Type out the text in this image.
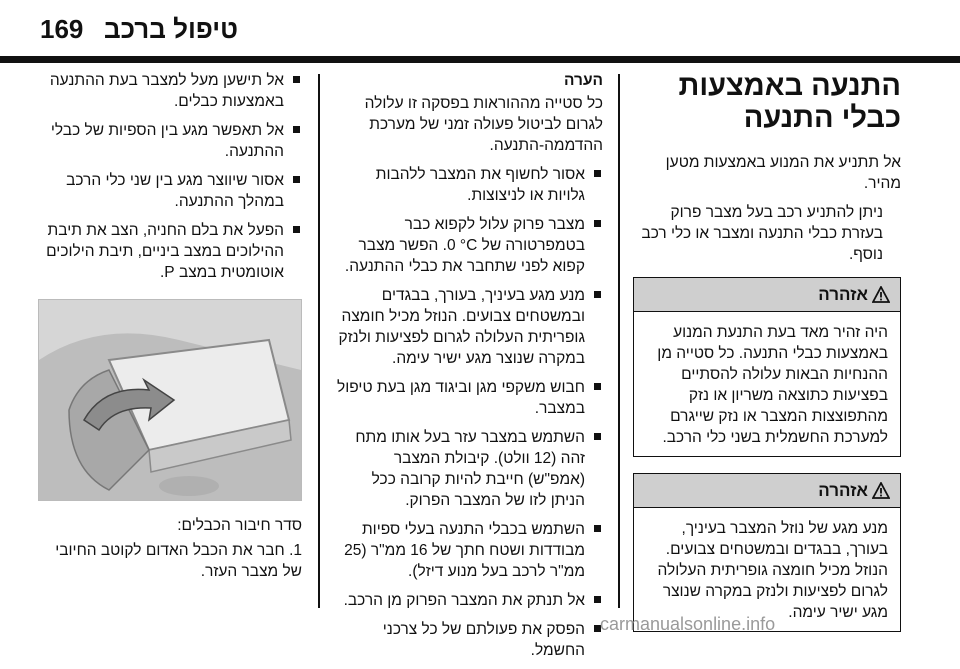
169 טיפול ברכב
התנעה באמצעות כבלי התנעה

אל תתניע את המנוע באמצעות מטען מהיר.

ניתן להתניע רכב בעל מצבר פרוק בעזרת כבלי התנעה ומצבר או כלי רכב נוסף.

אזהרה
היה זהיר מאד בעת התנעת המנוע באמצעות כבלי התנעה. כל סטייה מן ההנחיות הבאות עלולה להסתיים בפציעות כתוצאה משריון או נזק מהתפוצצות המצבר או נזק שייגרם למערכת החשמלית בשני כלי הרכב.
אזהרה
מנע מגע של נוזל המצבר בעיניך, בעורך, בבגדים ובמשטחים צבועים. הנוזל מכיל חומצה גופריתית העלולה לגרום לפציעות ולנזק במקרה שנוצר מגע ישיר עימה.
הערה

כל סטייה מההוראות בפסקה זו עלולה לגרום לביטול פעולה זמני של מערכת ההדממה-התנעה.

אסור לחשוף את המצבר ללהבות גלויות או לניצוצות.
מצבר פרוק עלול לקפוא כבר בטמפרטורה של ‎0 °C‎. הפשר מצבר קפוא לפני שתחבר את כבלי ההתנעה.
מנע מגע בעיניך, בעורך, בבגדים ובמשטחים צבועים. הנוזל מכיל חומצה גופריתית העלולה לגרום לפציעות ולנזק במקרה שנוצר מגע ישיר עימה.
חבוש משקפי מגן וביגוד מגן בעת טיפול במצבר.
השתמש במצבר עזר בעל אותו מתח זהה (12 וולט). קיבולת המצבר (אמפ"ש) חייבת להיות קרובה ככל הניתן לזו של המצבר הפרוק.
השתמש בכבלי התנעה בעלי ספיות מבודדות ושטח חתך של 16 ממ"ר (25 ממ"ר לרכב בעל מנוע דיזל).
אל תנתק את המצבר הפרוק מן הרכב.
הפסק את פעולתם של כל צרכני החשמל.
אל תישען מעל למצבר בעת ההתנעה באמצעות כבלים.
אל תאפשר מגע בין הספיות של כבלי ההתנעה.
אסור שיווצר מגע בין שני כלי הרכב במהלך ההתנעה.
הפעל את בלם החניה, הצב את תיבת ההילוכים במצב ביניים, תיבת הילוכים אוטומטית במצב P.
סדר חיבור הכבלים:

1. חבר את הכבל האדום לקוטב החיובי של מצבר העזר.

carmanualsonline.info
